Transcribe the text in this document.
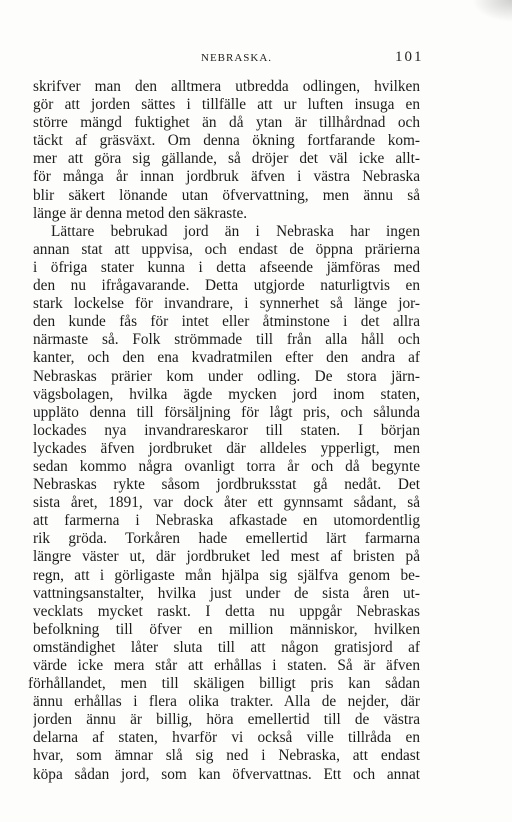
NEBRASKA.	101
skrifver man den alltmera utbredda odlingen, hvilken
gör att jorden sättes i tillfälle att ur luften insuga en
större mängd fuktighet än då ytan är tillhårdnad och
täckt af gräsväxt. Om denna ökning fortfarande kom-
mer att göra sig gällande, så dröjer det väl icke allt-
för många år innan jordbruk äfven i västra Nebraska
blir säkert lönande utan öfvervattning, men ännu så
länge är denna metod den säkraste.
Lättare bebrukad jord än i Nebraska har ingen
annan stat att uppvisa, och endast de öppna prärierna
i öfriga stater kunna i detta afseende jämföras med
den nu ifrågavarande. Detta utgjorde naturligtvis en
stark lockelse för invandrare, i synnerhet så länge jor-
den kunde fås för intet eller åtminstone i det allra
närmaste så. Folk strömmade till från alla håll och
kanter, och den ena kvadratmilen efter den andra af
Nebraskas prärier kom under odling. De stora järn-
vägsbolagen, hvilka ägde mycken jord inom staten,
uppläto denna till försäljning för lågt pris, och sålunda
lockades nya invandrareskaror till staten. I början
lyckades äfven jordbruket där alldeles ypperligt, men
sedan kommo några ovanligt torra år och då begynte
Nebraskas rykte såsom jordbruksstat gå nedåt. Det
sista året, 1891, var dock åter ett gynnsamt sådant, så
att farmerna i Nebraska afkastade en utomordentlig
rik gröda. Torkåren hade emellertid lärt farmarna
längre väster ut, där jordbruket led mest af bristen på
regn, att i görligaste mån hjälpa sig själfva genom be-
vattningsanstalter, hvilka just under de sista åren ut-
vecklats mycket raskt. I detta nu uppgår Nebraskas
befolkning till öfver en million människor, hvilken
omständighet låter sluta till att någon gratisjord af
värde icke mera står att erhållas i staten. Så är äfven
förhållandet, men till skäligen billigt pris kan sådan
ännu erhållas i flera olika trakter. Alla de nejder, där
jorden ännu är billig, höra emellertid till de västra
delarna af staten, hvarför vi också ville tillråda en
hvar, som ämnar slå sig ned i Nebraska, att endast
köpa sådan jord, som kan öfvervattnas. Ett och annat
